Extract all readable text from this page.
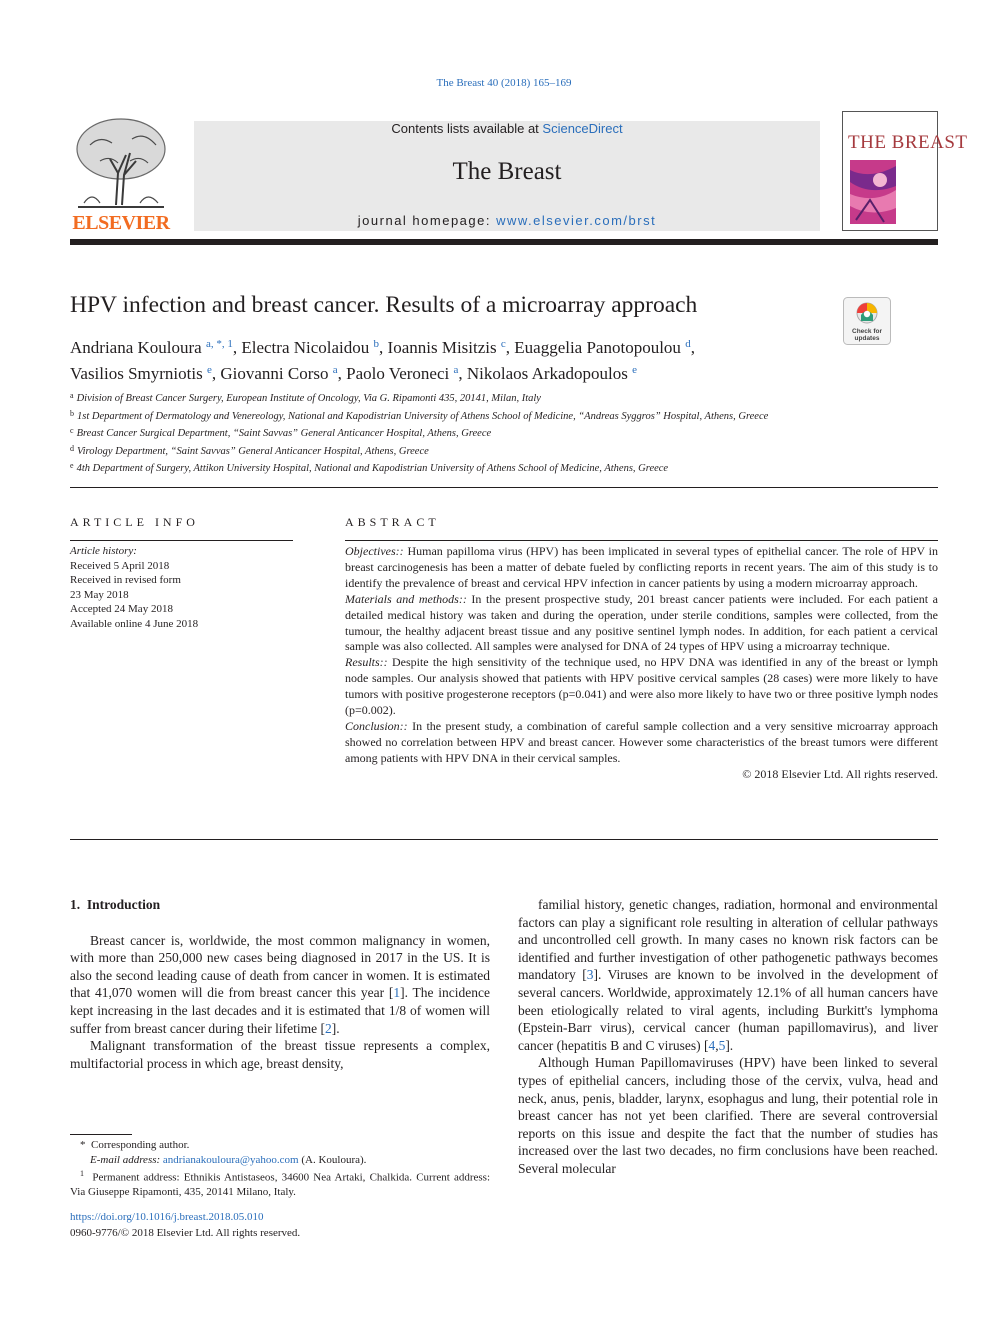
The Breast 40 (2018) 165–169
ELSEVIER
Contents lists available at ScienceDirect
The Breast
journal homepage: www.elsevier.com/brst
THE BREAST
HPV infection and breast cancer. Results of a microarray approach
Check for
updates
Andriana Kouloura $^{a, *, 1}$, Electra Nicolaidou $^b$, Ioannis Misitzis $^c$, Euaggelia Panotopoulou $^d$,
Vasilios Smyrniotis $^e$, Giovanni Corso $^a$, Paolo Veroneci $^a$, Nikolaos Arkadopoulos $^e$
$^a$ Division of Breast Cancer Surgery, European Institute of Oncology, Via G. Ripamonti 435, 20141, Milan, Italy
$^b$ 1st Department of Dermatology and Venereology, National and Kapodistrian University of Athens School of Medicine, “Andreas Syggros” Hospital, Athens, Greece
$^c$ Breast Cancer Surgical Department, “Saint Savvas” General Anticancer Hospital, Athens, Greece
$^d$ Virology Department, “Saint Savvas” General Anticancer Hospital, Athens, Greece
$^e$ 4th Department of Surgery, Attikon University Hospital, National and Kapodistrian University of Athens School of Medicine, Athens, Greece
ARTICLE INFO
Article history:
Received 5 April 2018
Received in revised form
23 May 2018
Accepted 24 May 2018
Available online 4 June 2018
ABSTRACT

Objectives:: Human papilloma virus (HPV) has been implicated in several types of epithelial cancer. The role of HPV in breast carcinogenesis has been a matter of debate fueled by conflicting reports in recent years. The aim of this study is to identify the prevalence of breast and cervical HPV infection in cancer patients by using a modern microarray approach.

Materials and methods:: In the present prospective study, 201 breast cancer patients were included. For each patient a detailed medical history was taken and during the operation, under sterile conditions, samples were collected, from the tumour, the healthy adjacent breast tissue and any positive sentinel lymph nodes. In addition, for each patient a cervical sample was also collected. All samples were analysed for DNA of 24 types of HPV using a microarray technique.

Results:: Despite the high sensitivity of the technique used, no HPV DNA was identified in any of the breast or lymph node samples. Our analysis showed that patients with HPV positive cervical samples (28 cases) were more likely to have tumors with positive progesterone receptors (p=0.041) and were also more likely to have two or three positive lymph nodes (p=0.002).

Conclusion:: In the present study, a combination of careful sample collection and a very sensitive microarray approach showed no correlation between HPV and breast cancer. However some characteristics of the breast tumors were different among patients with HPV DNA in their cervical samples.

© 2018 Elsevier Ltd. All rights reserved.

1. Introduction
Breast cancer is, worldwide, the most common malignancy in women, with more than 250,000 new cases being diagnosed in 2017 in the US. It is also the second leading cause of death from cancer in women. It is estimated that 41,070 women will die from breast cancer this year [1]. The incidence kept increasing in the last decades and it is estimated that 1/8 of women will suffer from breast cancer during their lifetime [2].
Malignant transformation of the breast tissue represents a complex, multifactorial process in which age, breast density,
familial history, genetic changes, radiation, hormonal and environmental factors can play a significant role resulting in alteration of cellular pathways and uncontrolled cell growth. In many cases no known risk factors can be identified and further investigation of other pathogenetic pathways becomes mandatory [3]. Viruses are known to be involved in the development of several cancers. Worldwide, approximately 12.1% of all human cancers have been etiologically related to viral agents, including Burkitt's lymphoma (Epstein-Barr virus), cervical cancer (human papillomavirus), and liver cancer (hepatitis B and C viruses) [4,5].
Although Human Papillomaviruses (HPV) have been linked to several types of epithelial cancers, including those of the cervix, vulva, head and neck, anus, penis, bladder, larynx, esophagus and lung, their potential role in breast cancer has not yet been clarified. There are several controversial reports on this issue and despite the fact that the number of studies has increased over the last two decades, no firm conclusions have been reached. Several molecular
* Corresponding author.
E-mail address: andrianakouloura@yahoo.com (A. Kouloura).
$^1$ Permanent address: Ethnikis Antistaseos, 34600 Nea Artaki, Chalkida. Current address: Via Giuseppe Ripamonti, 435, 20141 Milano, Italy.
https://doi.org/10.1016/j.breast.2018.05.010
0960-9776/© 2018 Elsevier Ltd. All rights reserved.
